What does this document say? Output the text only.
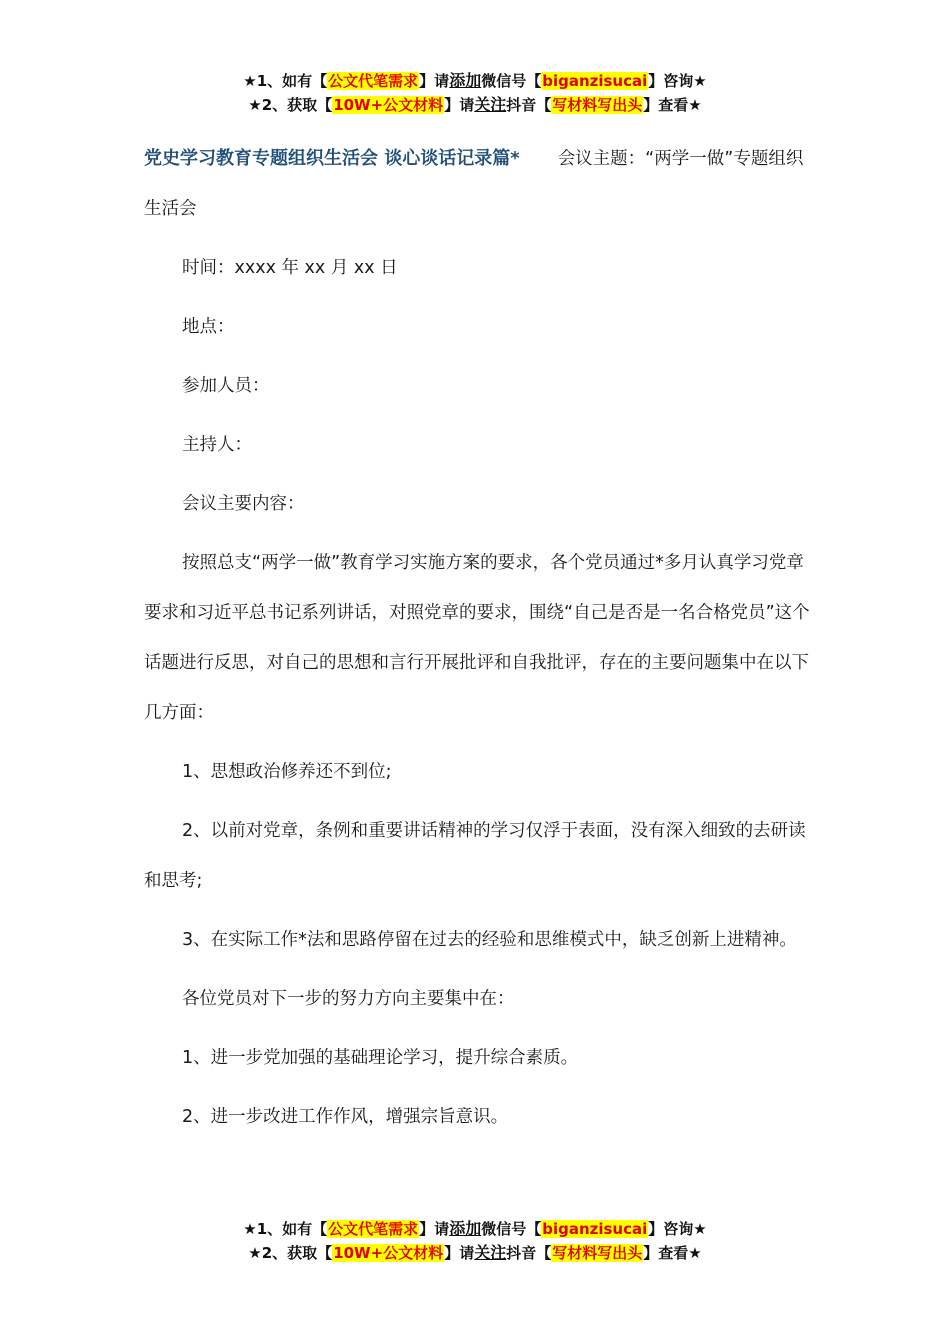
★1、如有【公文代笔需求】请添加微信号【biganzisucai】咨询★
★2、获取【10W+公文材料】请关注抖音【写材料写出头】查看★

党史学习教育专题组织生活会 谈心谈话记录篇* 会议主题：“两学一做”专题组织生活会

时间：xxxx 年 xx 月 xx 日

地点：

参加人员：

主持人：

会议主要内容：

按照总支“两学一做”教育学习实施方案的要求，各个党员通过*多月认真学习党章要求和习近平总书记系列讲话，对照党章的要求，围绕“自己是否是一名合格党员”这个话题进行反思，对自己的思想和言行开展批评和自我批评，存在的主要问题集中在以下几方面：

1、思想政治修养还不到位;

2、以前对党章，条例和重要讲话精神的学习仅浮于表面，没有深入细致的去研读和思考;

3、在实际工作*法和思路停留在过去的经验和思维模式中，缺乏创新上进精神。

各位党员对下一步的努力方向主要集中在：

1、进一步党加强的基础理论学习，提升综合素质。

2、进一步改进工作作风，增强宗旨意识。

★1、如有【公文代笔需求】请添加微信号【biganzisucai】咨询★
★2、获取【10W+公文材料】请关注抖音【写材料写出头】查看★
